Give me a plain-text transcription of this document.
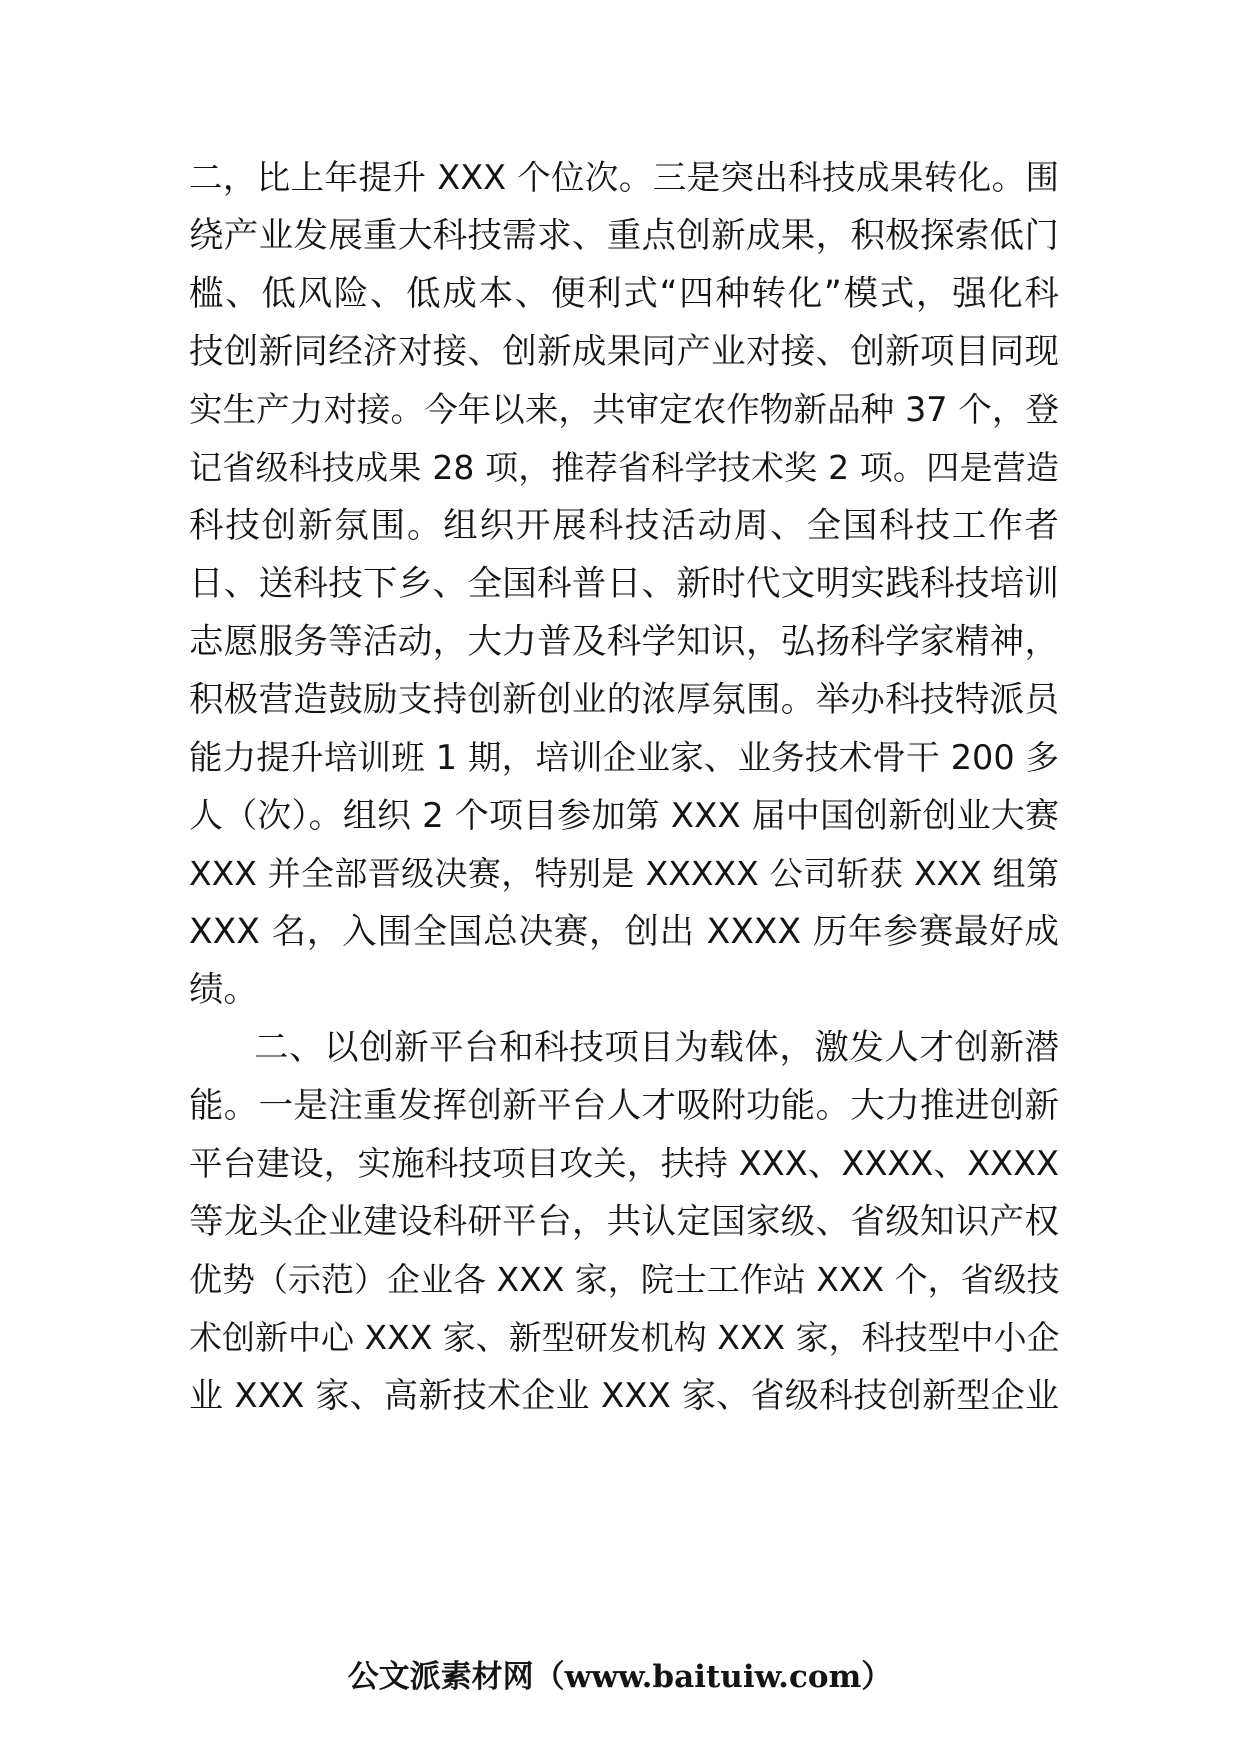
二，比上年提升 XXX 个位次。三是突出科技成果转化。围
绕产业发展重大科技需求、重点创新成果，积极探索低门
槛、低风险、低成本、便利式“四种转化”模式，强化科
技创新同经济对接、创新成果同产业对接、创新项目同现
实生产力对接。今年以来，共审定农作物新品种 37 个，登
记省级科技成果 28 项，推荐省科学技术奖 2 项。四是营造
科技创新氛围。组织开展科技活动周、全国科技工作者
日、送科技下乡、全国科普日、新时代文明实践科技培训
志愿服务等活动，大力普及科学知识，弘扬科学家精神，
积极营造鼓励支持创新创业的浓厚氛围。举办科技特派员
能力提升培训班 1 期，培训企业家、业务技术骨干 200 多
人（次）。组织 2 个项目参加第 XXX 届中国创新创业大赛
XXX 并全部晋级决赛，特别是 XXXXX 公司斩获 XXX 组第
XXX 名，入围全国总决赛，创出 XXXX 历年参赛最好成
绩。
二、以创新平台和科技项目为载体，激发人才创新潜
能。一是注重发挥创新平台人才吸附功能。大力推进创新
平台建设，实施科技项目攻关，扶持 XXX、XXXX、XXXX
等龙头企业建设科研平台，共认定国家级、省级知识产权
优势（示范）企业各 XXX 家，院士工作站 XXX 个，省级技
术创新中心 XXX 家、新型研发机构 XXX 家，科技型中小企
业 XXX 家、高新技术企业 XXX 家、省级科技创新型企业
公文派素材网（www.baituiw.com）
